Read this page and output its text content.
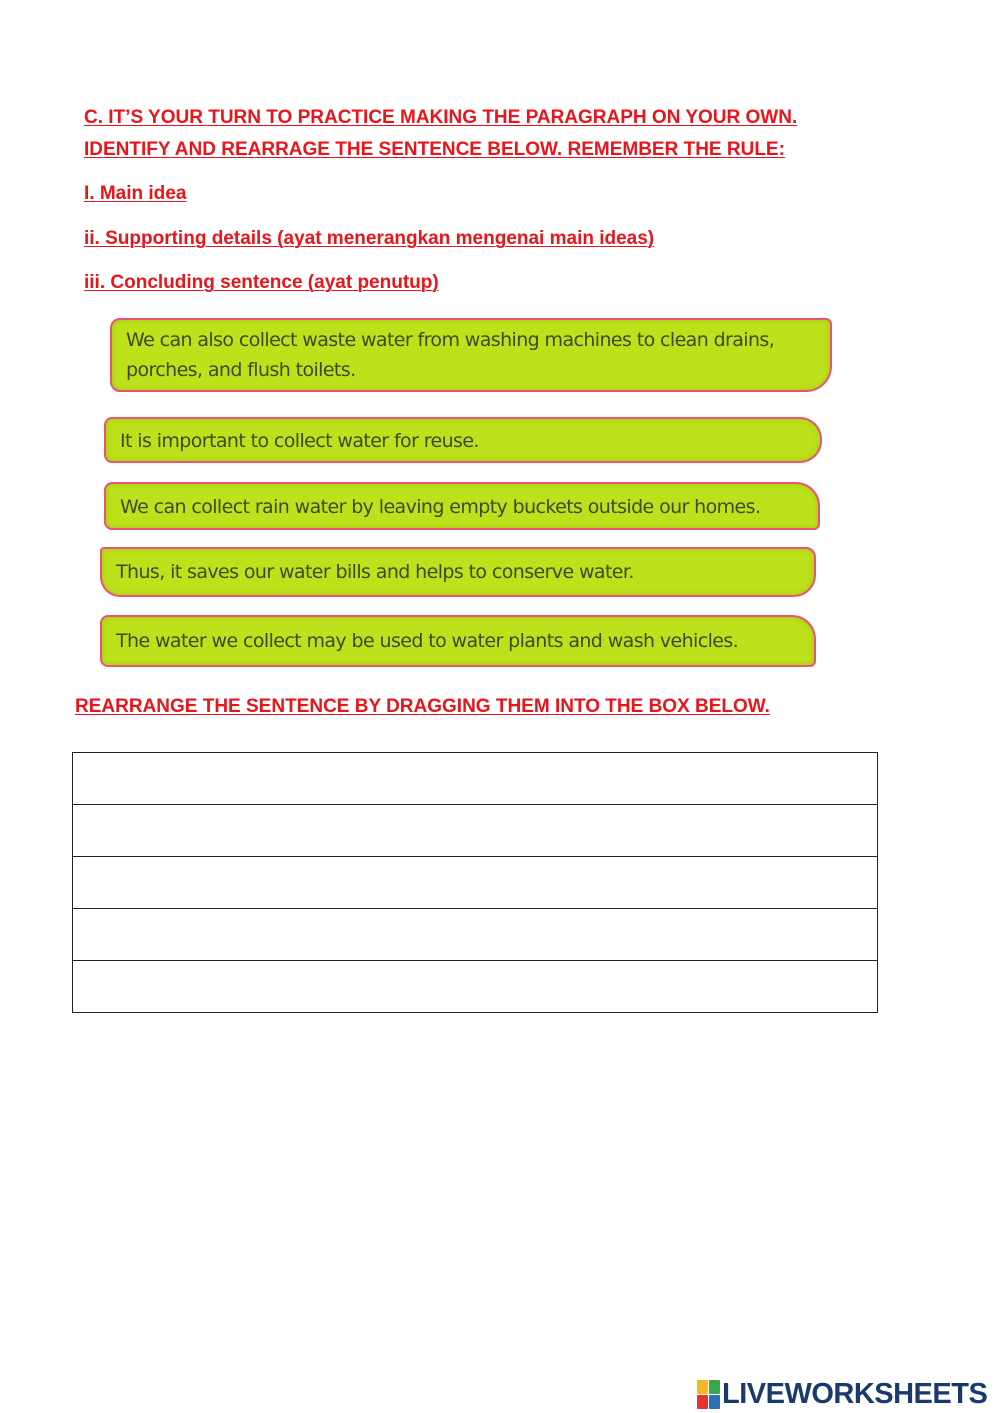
C. IT’S YOUR TURN TO PRACTICE MAKING THE PARAGRAPH ON YOUR OWN.

IDENTIFY AND REARRAGE THE SENTENCE BELOW. REMEMBER THE RULE:

I. Main idea

ii. Supporting details (ayat menerangkan mengenai main ideas)

iii. Concluding sentence (ayat penutup)

We can also collect waste water from washing machines to clean drains,
porches, and flush toilets.
It is important to collect water for reuse.
We can collect rain water by leaving empty buckets outside our homes.
Thus, it saves our water bills and helps to conserve water.
The water we collect may be used to water plants and wash vehicles.

REARRANGE THE SENTENCE BY DRAGGING THEM INTO THE BOX BELOW.

LIVEWORKSHEETS
